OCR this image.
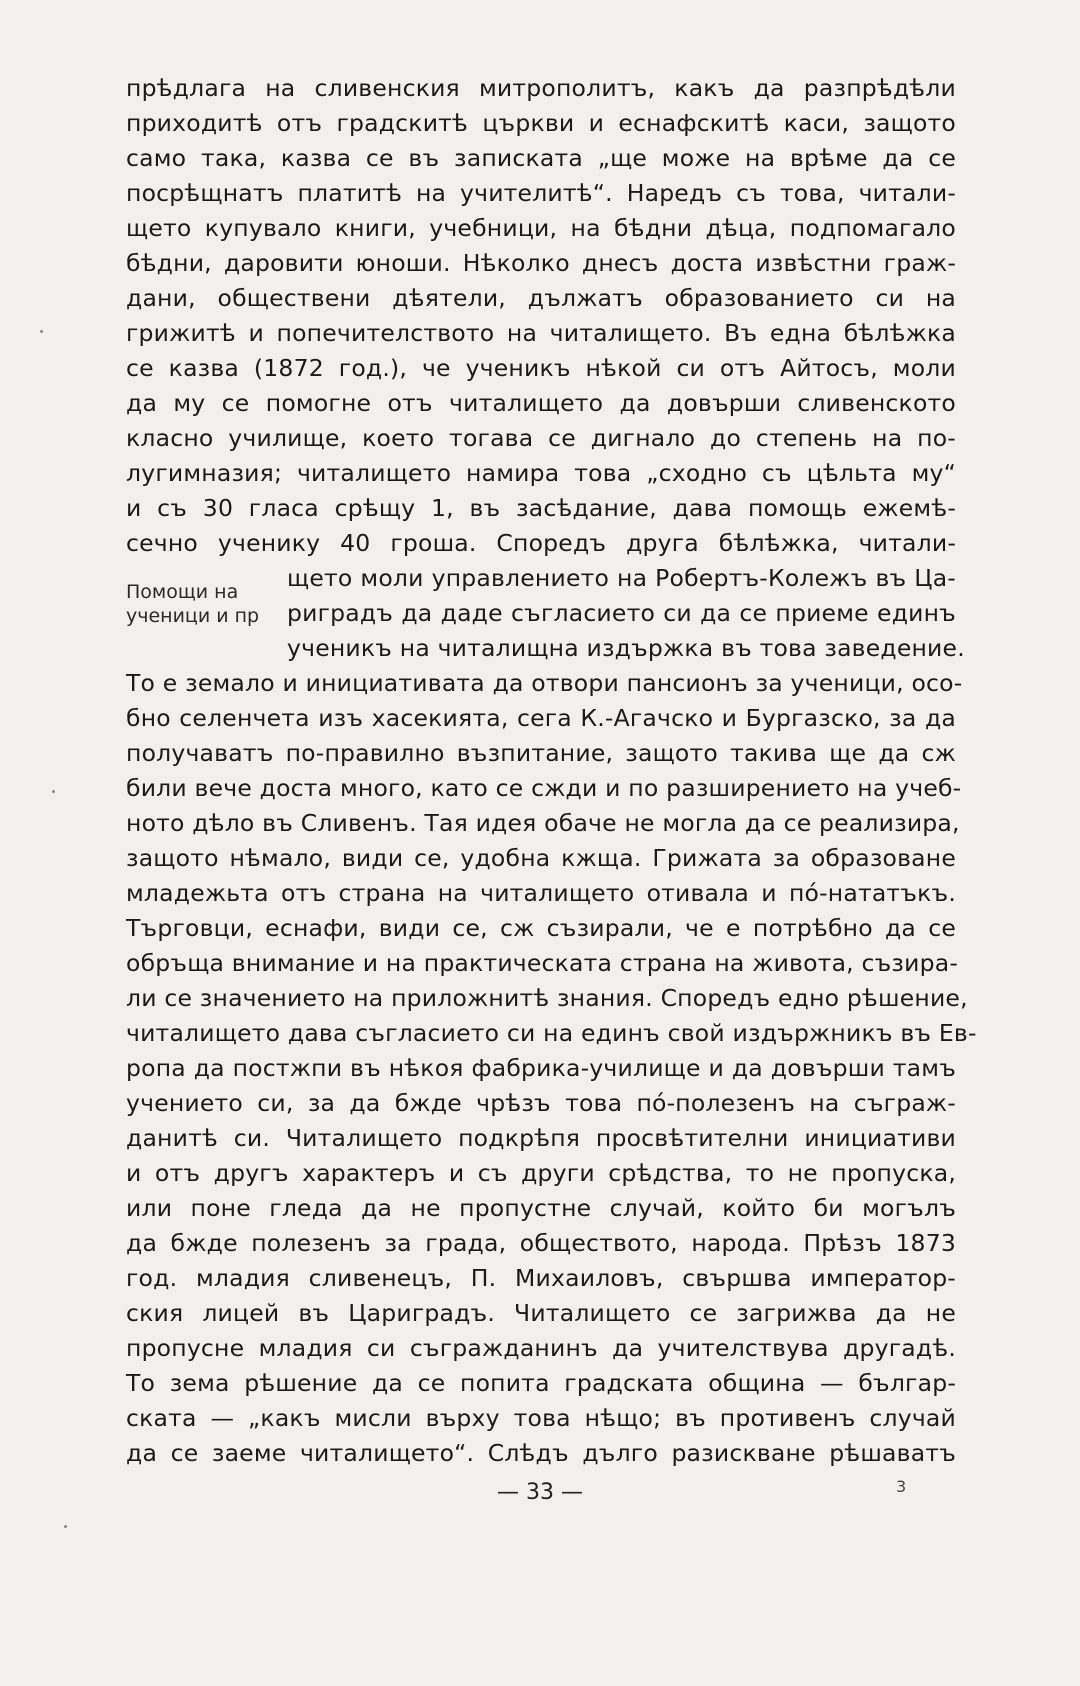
прѣдлага на сливенския митрополитъ, какъ да разпрѣдѣли
приходитѣ отъ градскитѣ църкви и еснафскитѣ каси, защото
само така, казва се въ записката „ще може на врѣме да се
посрѣщнатъ платитѣ на учителитѣ“. Наредъ съ това, читали-
щето купувало книги, учебници, на бѣдни дѣца, подпомагало
бѣдни, даровити юноши. Нѣколко днесъ доста извѣстни граж-
дани, обществени дѣятели, дължатъ образованието си на
грижитѣ и попечителството на читалището. Въ една бѣлѣжка
се казва (1872 год.), че ученикъ нѣкой си отъ Айтосъ, моли
да му се помогне отъ читалището да довърши сливенското
класно училище, което тогава се дигнало до степень на по-
лугимназия; читалището намира това „сходно съ цѣльта му“
и съ 30 гласа срѣщу 1, въ засѣдание, дава помощь ежемѣ-
сечно ученику 40 гроша. Споредъ друга бѣлѣжка, читали-
Помощи на
ученици и пр
щето моли управлението на Робертъ-Колежъ въ Ца-
риградъ да даде съгласието си да се приеме единъ
ученикъ на читалищна издържка въ това заведение.
То е земало и инициативата да отвори пансионъ за ученици, осо-
бно селенчета изъ хасекията, сега К.-Агачско и Бургазско, за да
получаватъ по-правилно възпитание, защото такива ще да сж
били вече доста много, като се сжди и по разширението на учеб-
ното дѣло въ Сливенъ. Тая идея обаче не могла да се реализира,
защото нѣмало, види се, удобна кжща. Грижата за образоване
младежьта отъ страна на читалището отивала и по́-нататъкъ.
Търговци, еснафи, види се, сж съзирали, че е потрѣбно да се
обръща внимание и на практическата страна на живота, съзира-
ли се значението на приложнитѣ знания. Споредъ едно рѣшение,
читалището дава съгласието си на единъ свой издържникъ въ Ев-
ропа да постжпи въ нѣкоя фабрика-училище и да довърши тамъ
учението си, за да бжде чрѣзъ това по́-полезенъ на съграж-
данитѣ си. Читалището подкрѣпя просвѣтителни инициативи
и отъ другъ характеръ и съ други срѣдства, то не пропуска,
или поне гледа да не пропустне случай, който би могълъ
да бжде полезенъ за града, обществото, народа. Прѣзъ 1873
год. младия сливенецъ, П. Михаиловъ, свършва император-
ския лицей въ Цариградъ. Читалището се загрижва да не
пропусне младия си съгражданинъ да учителствува другадѣ.
То зема рѣшение да се попита градската община — българ-
ската — „какъ мисли върху това нѣщо; въ противенъ случай
да се заеме читалището“. Слѣдъ дълго разискване рѣшаватъ
— 33 —	3
